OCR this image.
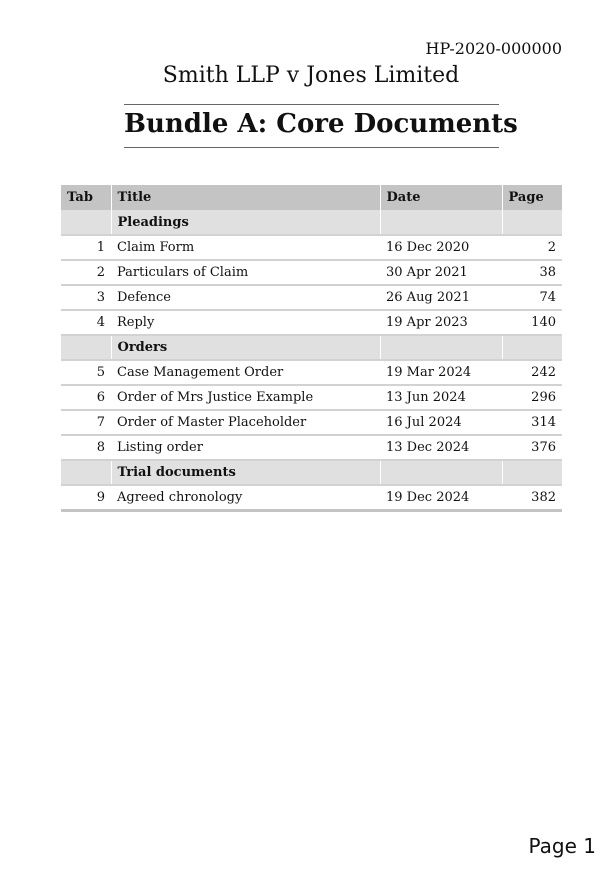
HP-2020-000000
Smith LLP v Jones Limited
Bundle A: Core Documents
Tab	Title	Date	Page
	Pleadings		
1	Claim Form	16 Dec 2020	2
2	Particulars of Claim	30 Apr 2021	38
3	Defence	26 Aug 2021	74
4	Reply	19 Apr 2023	140
	Orders		
5	Case Management Order	19 Mar 2024	242
6	Order of Mrs Justice Example	13 Jun 2024	296
7	Order of Master Placeholder	16 Jul 2024	314
8	Listing order	13 Dec 2024	376
	Trial documents		
9	Agreed chronology	19 Dec 2024	382
Page 1
